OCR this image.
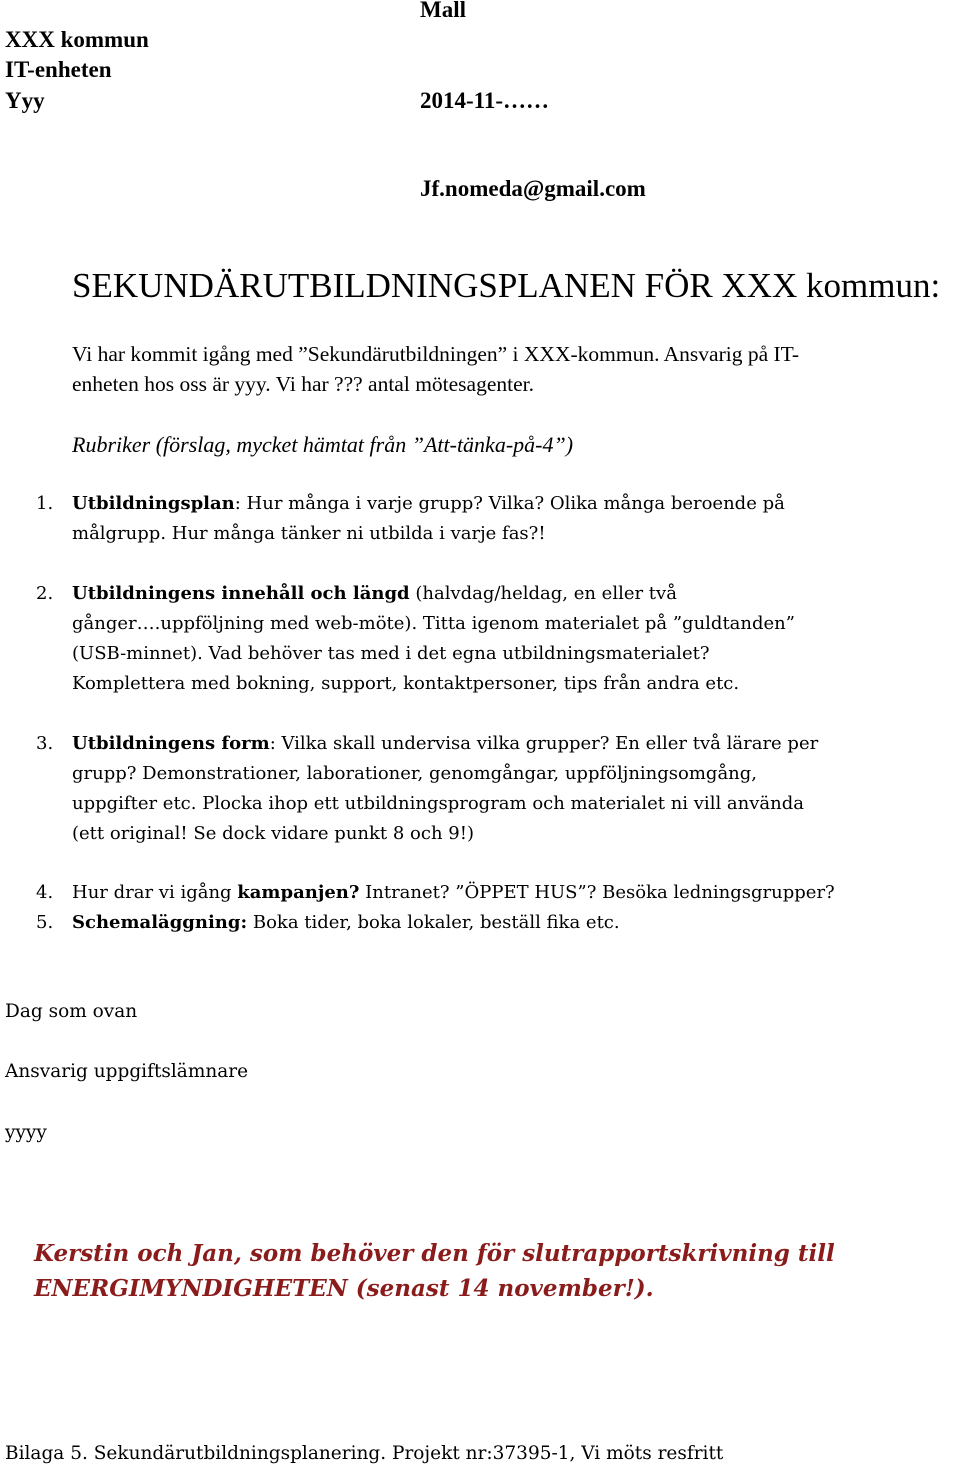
Mall
XXX kommun
IT-enheten
Yyy	2014-11-……
Jf.nomeda@gmail.com
SEKUNDÄRUTBILDNINGSPLANEN FÖR XXX kommun:
Vi har kommit igång med ”Sekundärutbildningen” i XXX-kommun. Ansvarig på IT-
enheten hos oss är yyy. Vi har ??? antal mötesagenter.
Rubriker (förslag, mycket hämtat från ”Att-tänka-på-4”)
1. Utbildningsplan: Hur många i varje grupp? Vilka? Olika många beroende på
målgrupp. Hur många tänker ni utbilda i varje fas?!
2. Utbildningens innehåll och längd (halvdag/heldag, en eller två
gånger….uppföljning med web-möte). Titta igenom materialet på ”guldtanden”
(USB-minnet). Vad behöver tas med i det egna utbildningsmaterialet?
Komplettera med bokning, support, kontaktpersoner, tips från andra etc.
3. Utbildningens form: Vilka skall undervisa vilka grupper? En eller två lärare per
grupp? Demonstrationer, laborationer, genomgångar, uppföljningsomgång,
uppgifter etc. Plocka ihop ett utbildningsprogram och materialet ni vill använda
(ett original! Se dock vidare punkt 8 och 9!)
4. Hur drar vi igång kampanjen? Intranet? ”ÖPPET HUS”? Besöka ledningsgrupper?
5. Schemaläggning: Boka tider, boka lokaler, beställ fika etc.
Dag som ovan
Ansvarig uppgiftslämnare
yyyy
Kerstin och Jan, som behöver den för slutrapportskrivning till
ENERGIMYNDIGHETEN (senast 14 november!).
Bilaga 5. Sekundärutbildningsplanering. Projekt nr:37395-1, Vi möts resfritt
